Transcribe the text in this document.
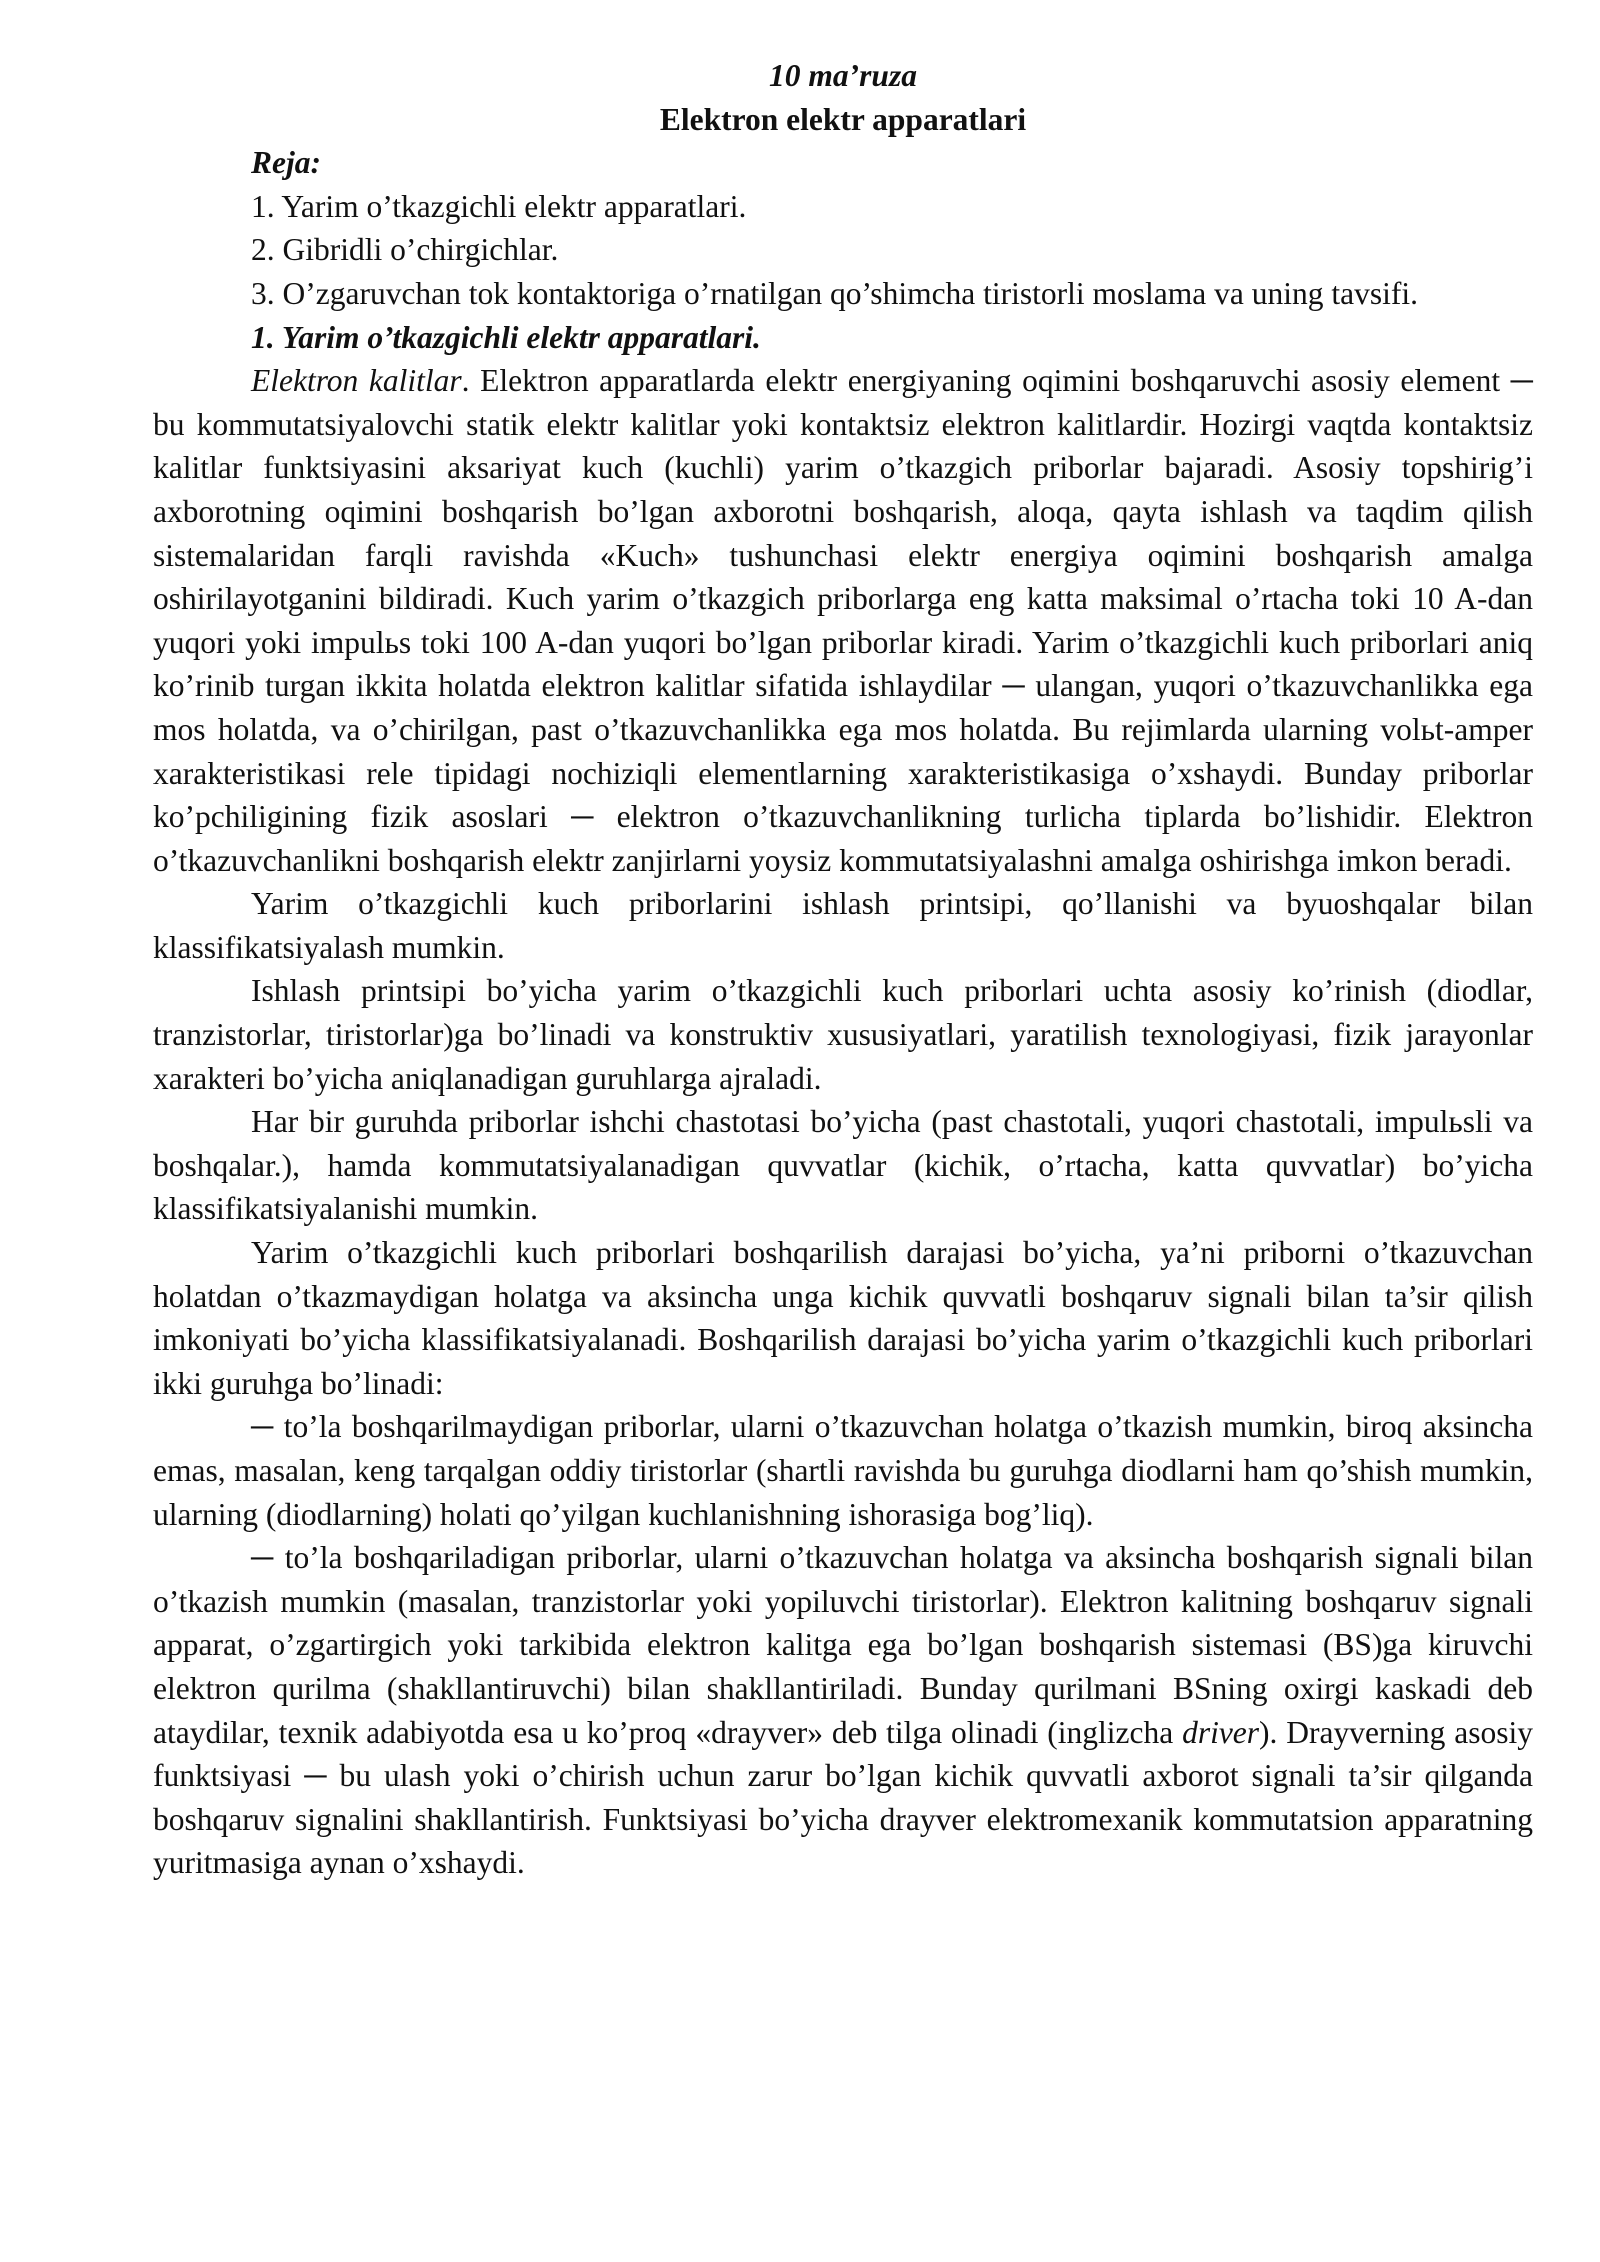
10 ma’ruza
Elektron elektr apparatlari
Reja:

1. Yarim o’tkazgichli elektr apparatlari.

2. Gibridli o’chirgichlar.

3. O’zgaruvchan tok kontaktoriga o’rnatilgan qo’shimcha tiristorli moslama va uning tavsifi.

1. Yarim o’tkazgichli elektr apparatlari.

Elektron kalitlar. Elektron apparatlarda elektr energiyaning oqimini boshqaruvchi asosiy element ─ bu kommutatsiyalovchi statik elektr kalitlar yoki kontaktsiz elektron kalitlardir. Hozirgi vaqtda kontaktsiz kalitlar funktsiyasini aksariyat kuch (kuchli) yarim o’tkazgich priborlar bajaradi. Asosiy topshirig’i axborotning oqimini boshqarish bo’lgan axborotni boshqarish, aloqa, qayta ishlash va taqdim qilish sistemalaridan farqli ravishda «Kuch» tushunchasi elektr energiya oqimini boshqarish amalga oshirilayotganini bildiradi. Kuch yarim o’tkazgich priborlarga eng katta maksimal o’rtacha toki 10 A-dan yuqori yoki impulьs toki 100 A-dan yuqori bo’lgan priborlar kiradi. Yarim o’tkazgichli kuch priborlari aniq ko’rinib turgan ikkita holatda elektron kalitlar sifatida ishlaydilar ─ ulangan, yuqori o’tkazuvchanlikka ega mos holatda, va o’chirilgan, past o’tkazuvchanlikka ega mos holatda. Bu rejimlarda ularning volьt-amper xarakteristikasi rele tipidagi nochiziqli elementlarning xarakteristikasiga o’xshaydi. Bunday priborlar ko’pchiligining fizik asoslari ─ elektron o’tkazuvchanlikning turlicha tiplarda bo’lishidir. Elektron o’tkazuvchanlikni boshqarish elektr zanjirlarni yoysiz kommutatsiyalashni amalga oshirishga imkon beradi.

Yarim o’tkazgichli kuch priborlarini ishlash printsipi, qo’llanishi va byuoshqalar bilan klassifikatsiyalash mumkin.

Ishlash printsipi bo’yicha yarim o’tkazgichli kuch priborlari uchta asosiy ko’rinish (diodlar, tranzistorlar, tiristorlar)ga bo’linadi va konstruktiv xususiyatlari, yaratilish texnologiyasi, fizik jarayonlar xarakteri bo’yicha aniqlanadigan guruhlarga ajraladi.

Har bir guruhda priborlar ishchi chastotasi bo’yicha (past chastotali, yuqori chastotali, impulьsli va boshqalar.), hamda kommutatsiyalanadigan quvvatlar (kichik, o’rtacha, katta quvvatlar) bo’yicha klassifikatsiyalanishi mumkin.

Yarim o’tkazgichli kuch priborlari boshqarilish darajasi bo’yicha, ya’ni priborni o’tkazuvchan holatdan o’tkazmaydigan holatga va aksincha unga kichik quvvatli boshqaruv signali bilan ta’sir qilish imkoniyati bo’yicha klassifikatsiyalanadi. Boshqarilish darajasi bo’yicha yarim o’tkazgichli kuch priborlari ikki guruhga bo’linadi:

─ to’la boshqarilmaydigan priborlar, ularni o’tkazuvchan holatga o’tkazish mumkin, biroq aksincha emas, masalan, keng tarqalgan oddiy tiristorlar (shartli ravishda bu guruhga diodlarni ham qo’shish mumkin, ularning (diodlarning) holati qo’yilgan kuchlanishning ishorasiga bog’liq).

─ to’la boshqariladigan priborlar, ularni o’tkazuvchan holatga va aksincha boshqarish signali bilan o’tkazish mumkin (masalan, tranzistorlar yoki yopiluvchi tiristorlar). Elektron kalitning boshqaruv signali apparat, o’zgartirgich yoki tarkibida elektron kalitga ega bo’lgan boshqarish sistemasi (BS)ga kiruvchi elektron qurilma (shakllantiruvchi) bilan shakllantiriladi. Bunday qurilmani BSning oxirgi kaskadi deb ataydilar, texnik adabiyotda esa u ko’proq «drayver» deb tilga olinadi (inglizcha driver). Drayverning asosiy funktsiyasi ─ bu ulash yoki o’chirish uchun zarur bo’lgan kichik quvvatli axborot signali ta’sir qilganda boshqaruv signalini shakllantirish. Funktsiyasi bo’yicha drayver elektromexanik kommutatsion apparatning yuritmasiga aynan o’xshaydi.
